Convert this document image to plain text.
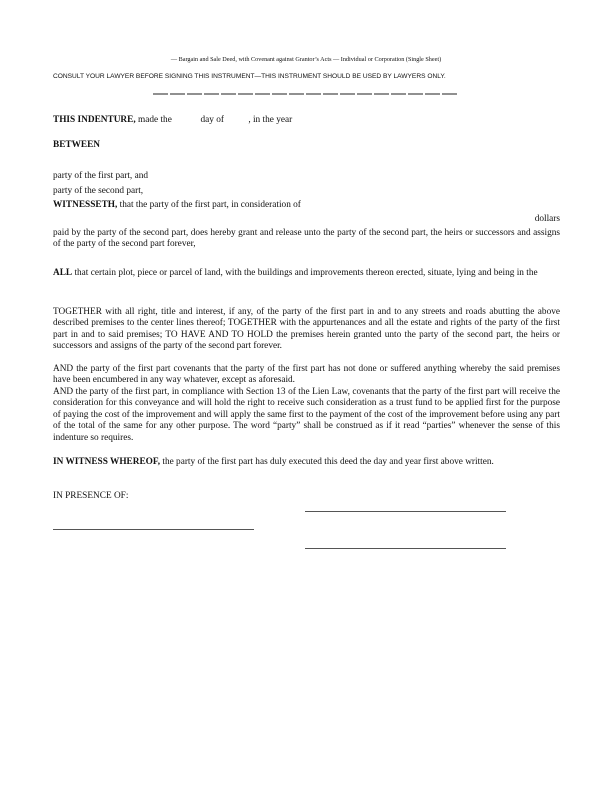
— Bargain and Sale Deed, with Covenant against Grantor’s Acts — Individual or Corporation (Single Sheet)
CONSULT YOUR LAWYER BEFORE SIGNING THIS INSTRUMENT—THIS INSTRUMENT SHOULD BE USED BY LAWYERS ONLY.
——————————————————
THIS INDENTURE, made the	day of	, in the year
BETWEEN
party of the first part, and
party of the second part,
WITNESSETH, that the party of the first part, in consideration of
dollars
paid by the party of the second part, does hereby grant and release unto the party of the second part, the heirs or successors and assigns of the party of the second part forever,
ALL that certain plot, piece or parcel of land, with the buildings and improvements thereon erected, situate, lying and being in the
TOGETHER with all right, title and interest, if any, of the party of the first part in and to any streets and roads abutting the above described premises to the center lines thereof; TOGETHER with the appurtenances and all the estate and rights of the party of the first part in and to said premises; TO HAVE AND TO HOLD the premises herein granted unto the party of the second part, the heirs or successors and assigns of the party of the second part forever.
AND the party of the first part covenants that the party of the first part has not done or suffered anything whereby the said premises have been encumbered in any way whatever, except as aforesaid.
AND the party of the first part, in compliance with Section 13 of the Lien Law, covenants that the party of the first part will receive the consideration for this conveyance and will hold the right to receive such consideration as a trust fund to be applied first for the purpose of paying the cost of the improvement and will apply the same first to the payment of the cost of the improvement before using any part of the total of the same for any other purpose. The word “party” shall be construed as if it read “parties” whenever the sense of this indenture so requires.
IN WITNESS WHEREOF, the party of the first part has duly executed this deed the day and year first above written.
IN PRESENCE OF:
